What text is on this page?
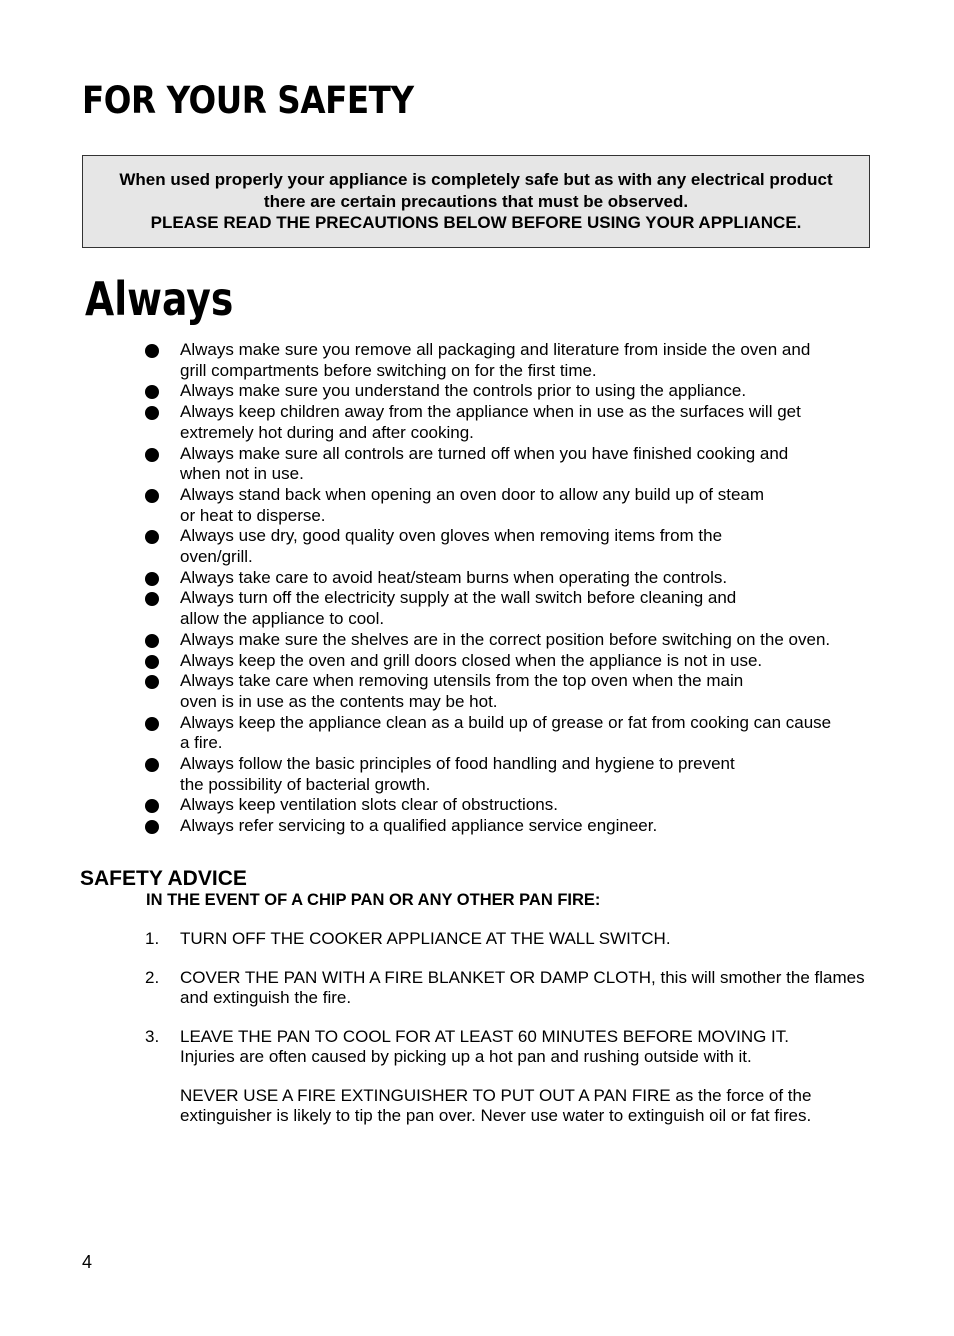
FOR YOUR SAFETY
When used properly your appliance is completely safe but as with any electrical product
there are certain precautions that must be observed.
PLEASE READ THE PRECAUTIONS BELOW BEFORE USING YOUR APPLIANCE.
Always
Always make sure you remove all packaging and literature from inside the oven and
grill compartments before switching on for the first time.
Always make sure you understand the controls prior to using the appliance.
Always keep children away from the appliance when in use as the surfaces will get
extremely hot during and after cooking.
Always make sure all controls are turned off when you have finished cooking and
when not in use.
Always stand back when opening an oven door to allow any build up of steam
or heat to disperse.
Always use dry, good quality oven gloves when removing items from the
oven/grill.
Always take care to avoid heat/steam burns when operating the controls.
Always turn off the electricity supply at the wall switch before cleaning and
allow the appliance to cool.
Always make sure the shelves are in the correct position before switching on the oven.
Always keep the oven and grill doors closed when the appliance is not in use.
Always take care when removing utensils from the top oven when the main
oven is in use as the contents may be hot.
Always keep the appliance clean as a build up of grease or fat from cooking can cause
a fire.
Always follow the basic principles of food handling and hygiene to prevent
the possibility of bacterial growth.
Always keep ventilation slots clear of obstructions.
Always refer servicing to a qualified appliance service engineer.
SAFETY ADVICE
IN THE EVENT OF A CHIP PAN OR ANY OTHER PAN FIRE:
1. TURN OFF THE COOKER APPLIANCE AT THE WALL SWITCH.
2. COVER THE PAN WITH A FIRE BLANKET OR DAMP CLOTH, this will smother the flames
and extinguish the fire.
3. LEAVE THE PAN TO COOL FOR AT LEAST 60 MINUTES BEFORE MOVING IT.
Injuries are often caused by picking up a hot pan and rushing outside with it.
NEVER USE A FIRE EXTINGUISHER TO PUT OUT A PAN FIRE as the force of the
extinguisher is likely to tip the pan over. Never use water to extinguish oil or fat fires.
4
